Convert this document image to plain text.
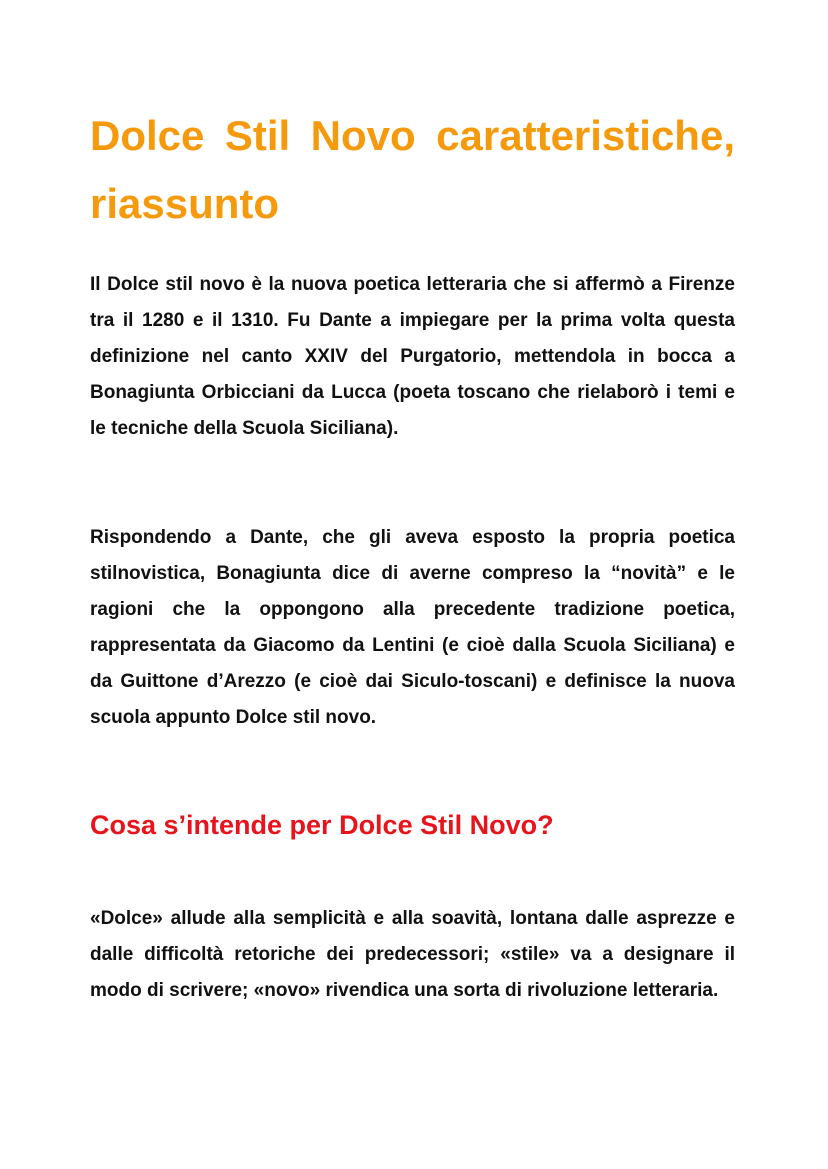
Dolce Stil Novo caratteristiche, riassunto

Il Dolce stil novo è la nuova poetica letteraria che si affermò a Firenze tra il 1280 e il 1310. Fu Dante a impiegare per la prima volta questa definizione nel canto XXIV del Purgatorio, mettendola in bocca a Bonagiunta Orbicciani da Lucca (poeta toscano che rielaborò i temi e le tecniche della Scuola Siciliana).

Rispondendo a Dante, che gli aveva esposto la propria poetica stilnovistica, Bonagiunta dice di averne compreso la “novità” e le ragioni che la oppongono alla precedente tradizione poetica, rappresentata da Giacomo da Lentini (e cioè dalla Scuola Siciliana) e da Guittone d’Arezzo (e cioè dai Siculo-toscani) e definisce la nuova scuola appunto Dolce stil novo.

Cosa s’intende per Dolce Stil Novo?

«Dolce» allude alla semplicità e alla soavità, lontana dalle asprezze e dalle difficoltà retoriche dei predecessori; «stile» va a designare il modo di scrivere; «novo» rivendica una sorta di rivoluzione letteraria.
